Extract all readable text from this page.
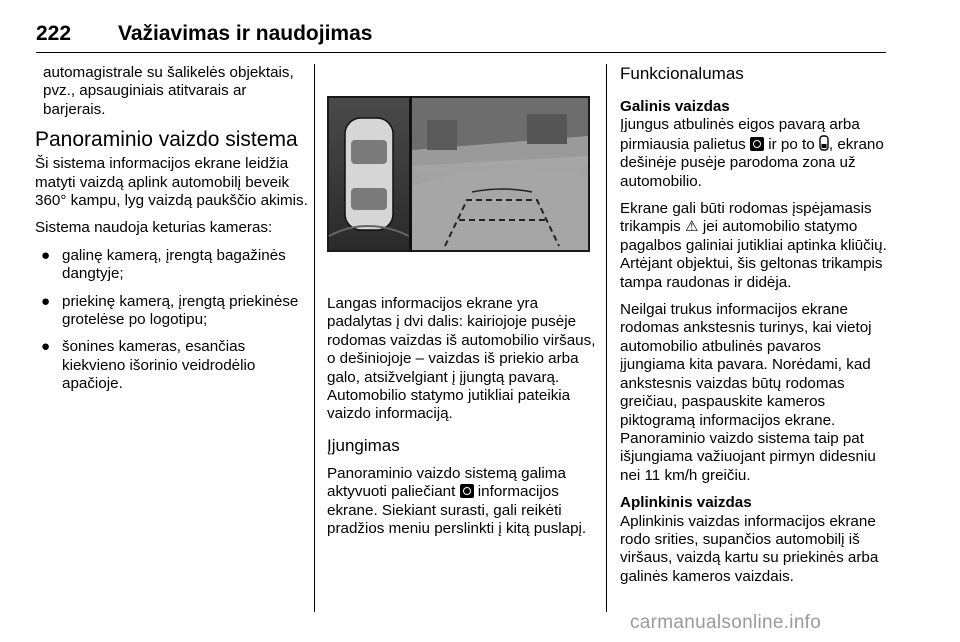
222 Važiavimas ir naudojimas

automagistrale su šalikelės objektais, pvz., apsauginiais atitvarais ar barjerais.

Panoraminio vaizdo sistema

Ši sistema informacijos ekrane leidžia matyti vaizdą aplink automobilį beveik 360° kampu, lyg vaizdą paukščio akimis.

Sistema naudoja keturias kameras:

● galinę kamerą, įrengtą bagažinės dangtyje;
● priekinę kamerą, įrengtą priekinėse grotelėse po logotipu;
● šonines kameras, esančias kiekvieno išorinio veidrodėlio apačioje.

Langas informacijos ekrane yra padalytas į dvi dalis: kairiojoje pusėje rodomas vaizdas iš automobilio viršaus, o dešiniojoje – vaizdas iš priekio arba galo, atsižvelgiant į įjungtą pavarą. Automobilio statymo jutikliai pateikia vaizdo informaciją.

Įjungimas

Panoraminio vaizdo sistemą galima aktyvuoti paliečiant informacijos ekrane. Siekiant surasti, gali reikėti pradžios meniu perslinkti į kitą puslapį.

Funkcionalumas
Galinis vaizdas

Įjungus atbulinės eigos pavarą arba pirmiausia palietus ir po to , ekrano dešinėje pusėje parodoma zona už automobilio.

Ekrane gali būti rodomas įspėjamasis trikampis ⚠ jei automobilio statymo pagalbos galiniai jutikliai aptinka kliūčių. Artėjant objektui, šis geltonas trikampis tampa raudonas ir didėja.

Neilgai trukus informacijos ekrane rodomas ankstesnis turinys, kai vietoj automobilio atbulinės pavaros įjungiama kita pavara. Norėdami, kad ankstesnis vaizdas būtų rodomas greičiau, paspauskite kameros piktogramą informacijos ekrane. Panoraminio vaizdo sistema taip pat išjungiama važiuojant pirmyn didesniu nei 11 km/h greičiu.

Aplinkinis vaizdas

Aplinkinis vaizdas informacijos ekrane rodo srities, supančios automobilį iš viršaus, vaizdą kartu su priekinės arba galinės kameros vaizdais.

carmanualsonline.info
